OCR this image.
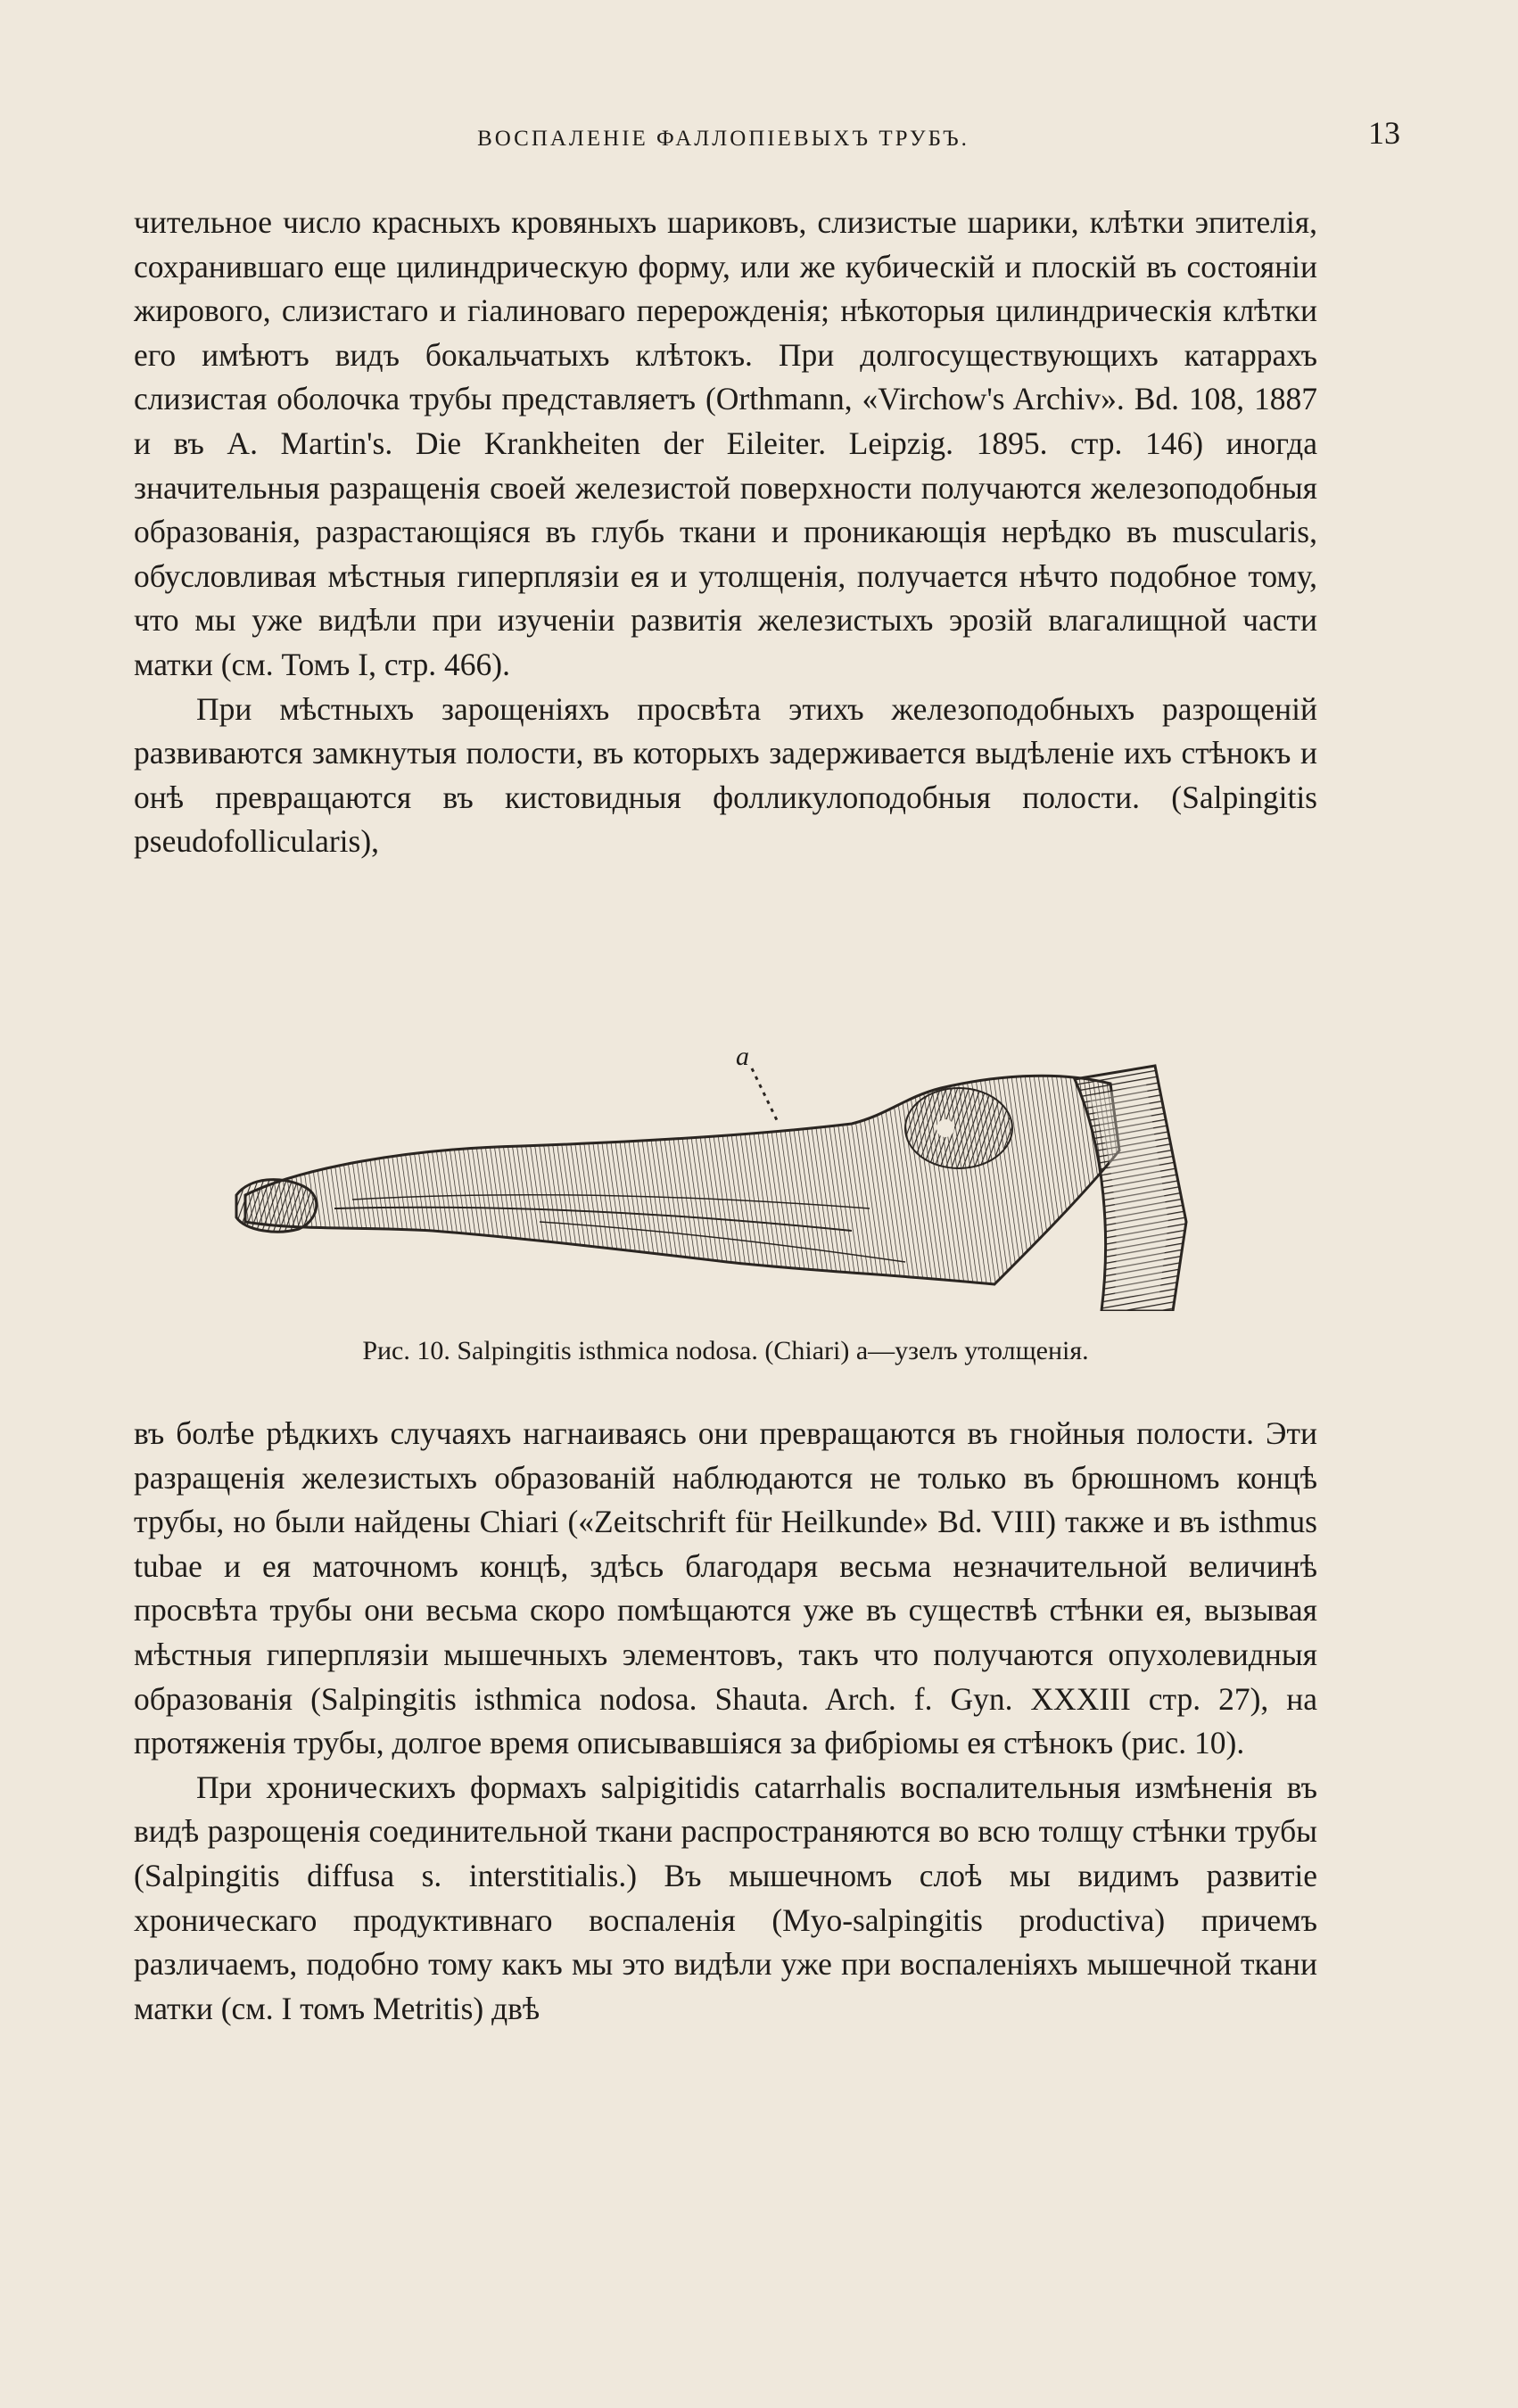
ВОСПАЛЕНІЕ ФАЛЛОПІЕВЫХЪ ТРУБЪ.	13

чительное число красныхъ кровяныхъ шариковъ, слизистые шарики, клѣтки эпителія, сохранившаго еще цилиндрическую форму, или же кубическій и плоскій въ состояніи жирового, слизистаго и гіалиноваго перерожденія; нѣкоторыя цилиндрическія клѣтки его имѣютъ видъ бокальчатыхъ клѣтокъ. При долгосуществующихъ катаррахъ слизистая оболочка трубы представляетъ (Orthmann, «Virchow's Archiv». Bd. 108, 1887 и въ A. Martin's. Die Krankheiten der Eileiter. Leipzig. 1895. стр. 146) иногда значительныя разращенія своей железистой поверхности получаются железоподобныя образованія, разрастающіяся въ глубь ткани и проникающія нерѣдко въ musculаris, обусловливая мѣстныя гиперплязіи ея и утолщенія, получается нѣчто подобное тому, что мы уже видѣли при изученіи развитія железистыхъ эрозій влагалищной части матки (см. Томъ I, стр. 466).

При мѣстныхъ зарощеніяхъ просвѣта этихъ железоподобныхъ разрощеній развиваются замкнутыя полости, въ которыхъ задерживается выдѣленіе ихъ стѣнокъ и онѣ превращаются въ кистовидныя фолликулоподобныя полости. (Salpingitis pseudofollicularis),

a
Рис. 10. Salpingitis isthmica nodosa. (Chiari) a—узелъ утолщенія.

въ болѣе рѣдкихъ случаяхъ нагнаиваясь они превращаются въ гнойныя полости. Эти разращенія железистыхъ образованій наблюдаются не только въ брюшномъ концѣ трубы, но были найдены Chiari («Zeitschrift für Heilkunde» Bd. VIII) также и въ isthmus tubae и ея маточномъ концѣ, здѣсь благодаря весьма незначительной величинѣ просвѣта трубы они весьма скоро помѣщаются уже въ существѣ стѣнки ея, вызывая мѣстныя гиперплязіи мышечныхъ элементовъ, такъ что получаются опухолевидныя образованія (Salpingitis isthmica nodosa. Shauta. Arch. f. Gyn. XXXIII стр. 27), на протяженія трубы, долгое время описывавшіяся за фибріомы ея стѣнокъ (рис. 10).

При хроническихъ формахъ salpigitidis catarrhalis воспалительныя измѣненія въ видѣ разрощенія соединительной ткани распространяются во всю толщу стѣнки трубы (Salpingitis diffusa s. interstitialis.) Въ мышечномъ слоѣ мы видимъ развитіе хроническаго продуктивнаго воспаленія (Myo-salpingitis productiva) причемъ различаемъ, подобно тому какъ мы это видѣли уже при воспаленіяхъ мышечной ткани матки (см. I томъ Metritis) двѣ
